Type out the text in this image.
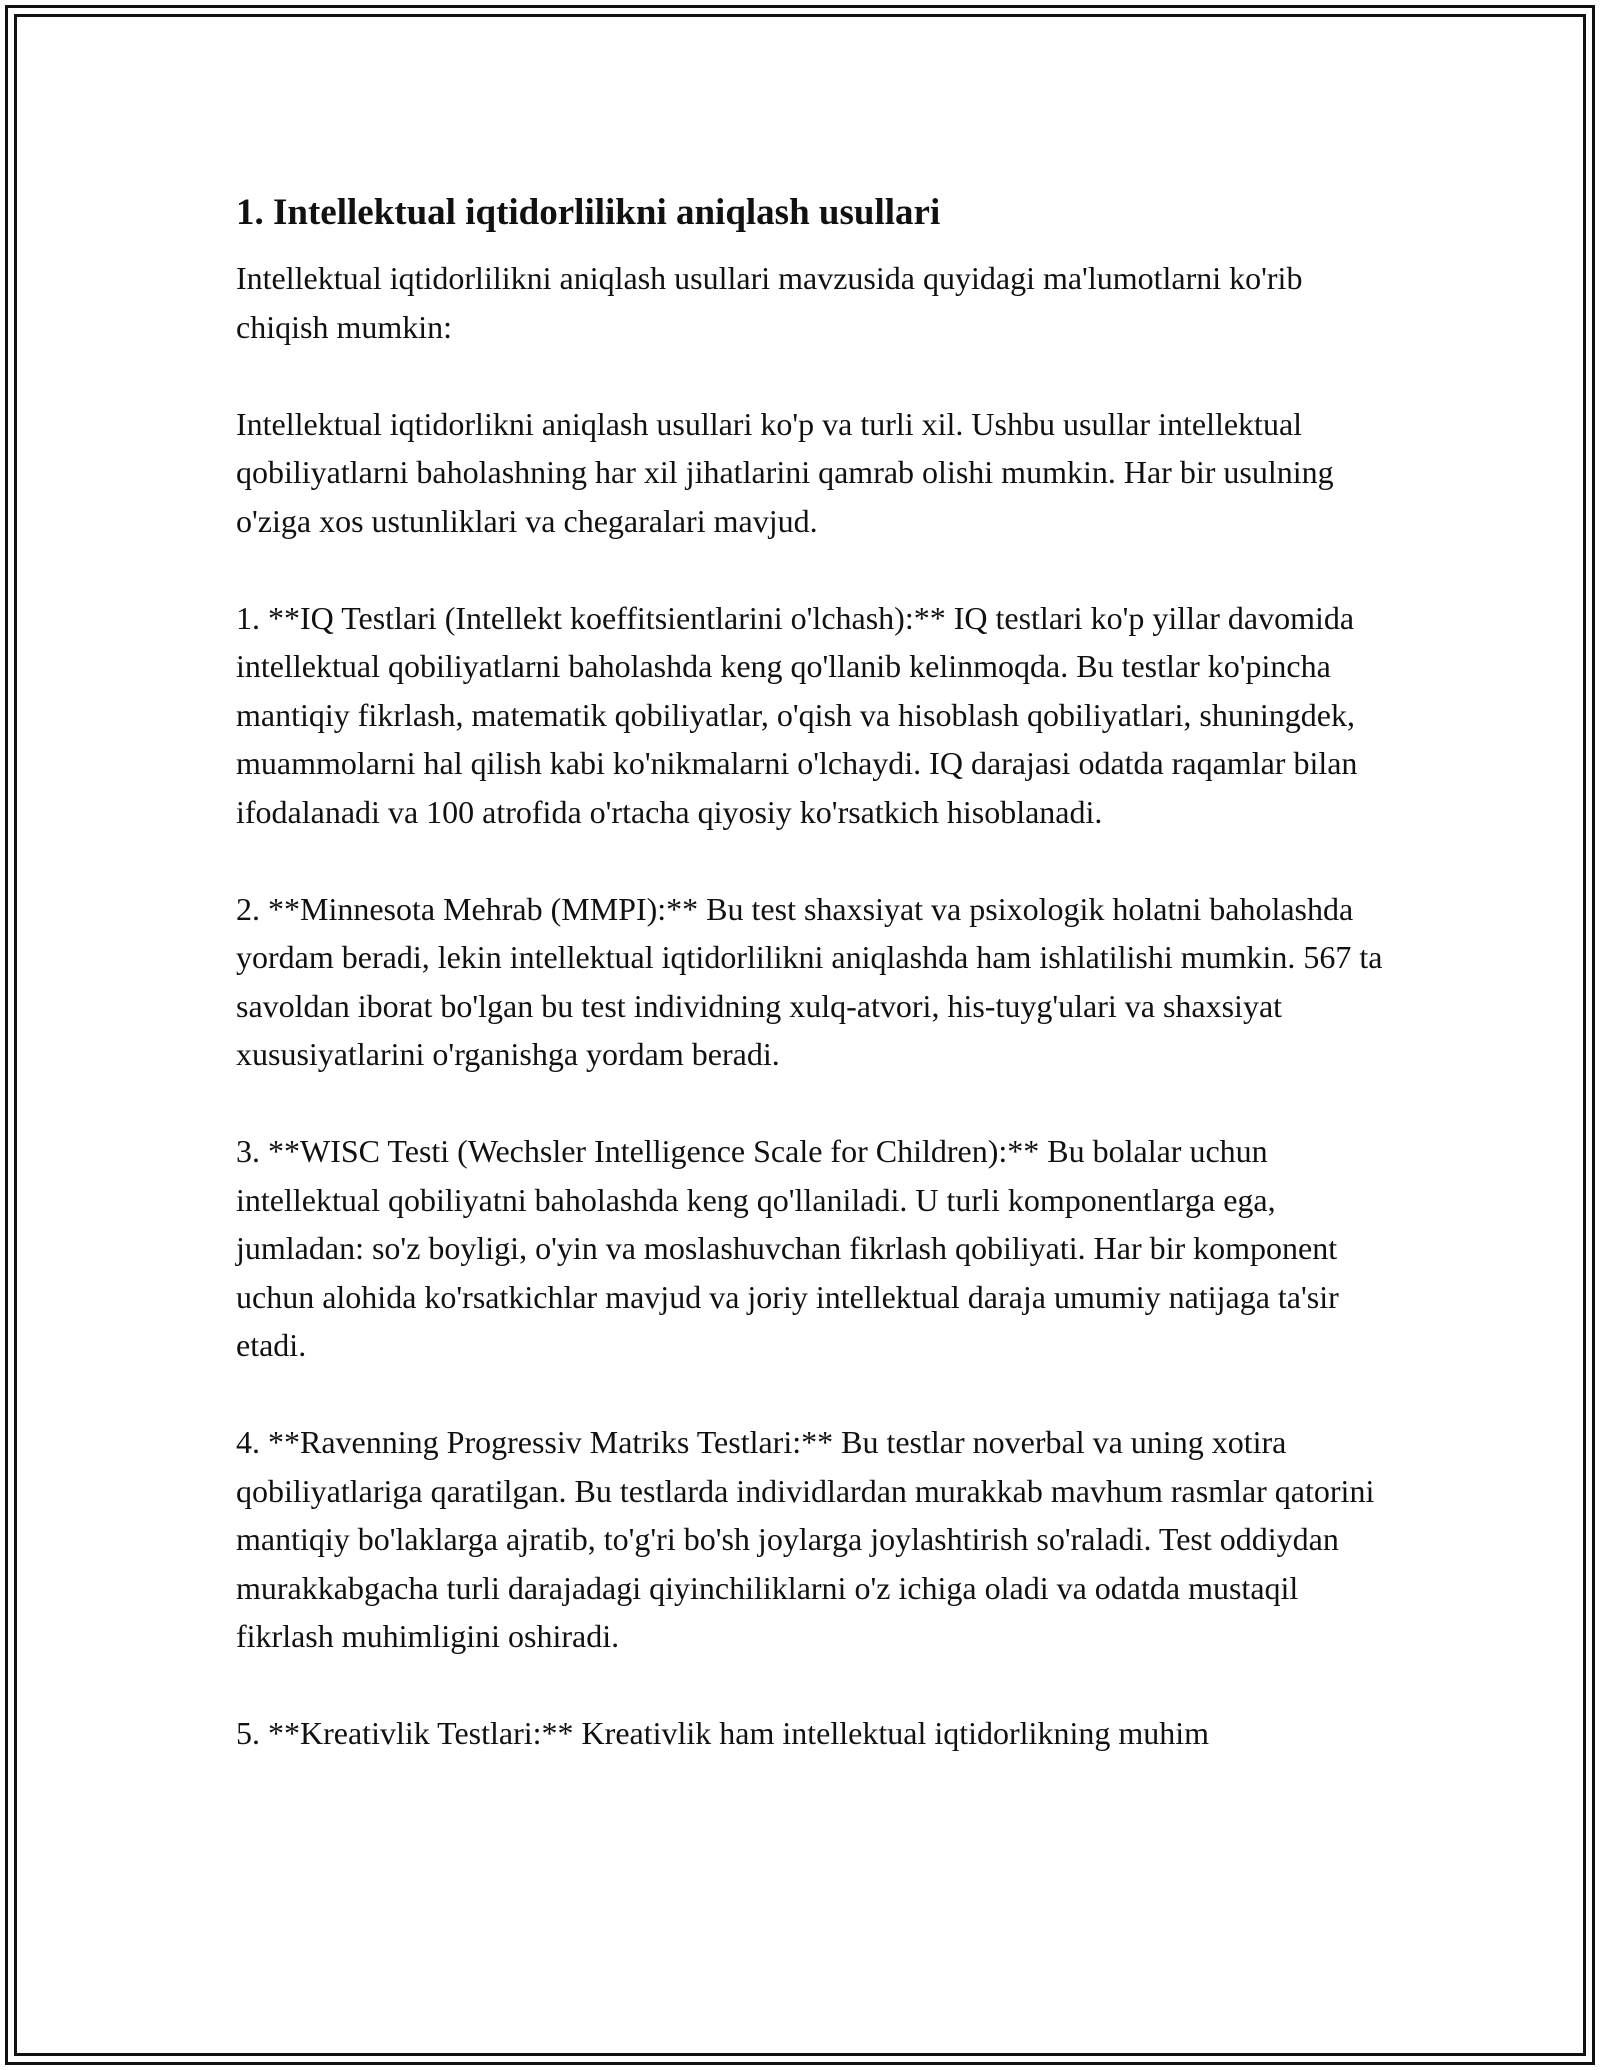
1. Intellektual iqtidorlilikni aniqlash usullari

Intellektual iqtidorlilikni aniqlash usullari mavzusida quyidagi ma'lumotlarni ko'rib chiqish mumkin:

Intellektual iqtidorlikni aniqlash usullari ko'p va turli xil. Ushbu usullar intellektual qobiliyatlarni baholashning har xil jihatlarini qamrab olishi mumkin. Har bir usulning o'ziga xos ustunliklari va chegaralari mavjud.

1. **IQ Testlari (Intellekt koeffitsientlarini o'lchash):** IQ testlari ko'p yillar davomida intellektual qobiliyatlarni baholashda keng qo'llanib kelinmoqda. Bu testlar ko'pincha mantiqiy fikrlash, matematik qobiliyatlar, o'qish va hisoblash qobiliyatlari, shuningdek, muammolarni hal qilish kabi ko'nikmalarni o'lchaydi. IQ darajasi odatda raqamlar bilan ifodalanadi va 100 atrofida o'rtacha qiyosiy ko'rsatkich hisoblanadi.

2. **Minnesota Mehrab (MMPI):** Bu test shaxsiyat va psixologik holatni baholashda yordam beradi, lekin intellektual iqtidorlilikni aniqlashda ham ishlatilishi mumkin. 567 ta savoldan iborat bo'lgan bu test individning xulq-atvori, his-tuyg'ulari va shaxsiyat xususiyatlarini o'rganishga yordam beradi.

3. **WISC Testi (Wechsler Intelligence Scale for Children):** Bu bolalar uchun intellektual qobiliyatni baholashda keng qo'llaniladi. U turli komponentlarga ega, jumladan: so'z boyligi, o'yin va moslashuvchan fikrlash qobiliyati. Har bir komponent uchun alohida ko'rsatkichlar mavjud va joriy intellektual daraja umumiy natijaga ta'sir etadi.

4. **Ravenning Progressiv Matriks Testlari:** Bu testlar noverbal va uning xotira qobiliyatlariga qaratilgan. Bu testlarda individlardan murakkab mavhum rasmlar qatorini mantiqiy bo'laklarga ajratib, to'g'ri bo'sh joylarga joylashtirish so'raladi. Test oddiydan murakkabgacha turli darajadagi qiyinchiliklarni o'z ichiga oladi va odatda mustaqil fikrlash muhimligini oshiradi.

5. **Kreativlik Testlari:** Kreativlik ham intellektual iqtidorlikning muhim
